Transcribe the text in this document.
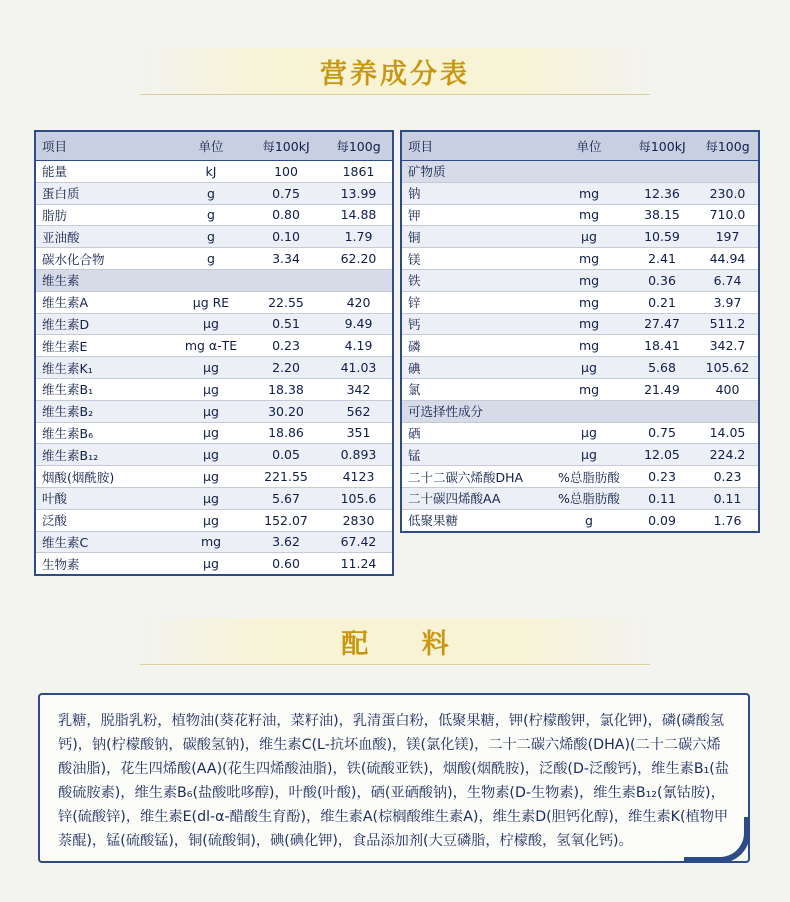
营养成分表
项目	单位	每100kJ	每100g
能量	kJ	100	1861
蛋白质	g	0.75	13.99
脂肪	g	0.80	14.88
亚油酸	g	0.10	1.79
碳水化合物	g	3.34	62.20
维生素			
维生素A	μg RE	22.55	420
维生素D	μg	0.51	9.49
维生素E	mg α-TE	0.23	4.19
维生素K₁	μg	2.20	41.03
维生素B₁	μg	18.38	342
维生素B₂	μg	30.20	562
维生素B₆	μg	18.86	351
维生素B₁₂	μg	0.05	0.893
烟酸(烟酰胺)	μg	221.55	4123
叶酸	μg	5.67	105.6
泛酸	μg	152.07	2830
维生素C	mg	3.62	67.42
生物素	μg	0.60	11.24
项目	单位	每100kJ	每100g
矿物质			
钠	mg	12.36	230.0
钾	mg	38.15	710.0
铜	μg	10.59	197
镁	mg	2.41	44.94
铁	mg	0.36	6.74
锌	mg	0.21	3.97
钙	mg	27.47	511.2
磷	mg	18.41	342.7
碘	μg	5.68	105.62
氯	mg	21.49	400
可选择性成分			
硒	μg	0.75	14.05
锰	μg	12.05	224.2
二十二碳六烯酸DHA	%总脂肪酸	0.23	0.23
二十碳四烯酸AA	%总脂肪酸	0.11	0.11
低聚果糖	g	0.09	1.76
配 料
乳糖，脱脂乳粉，植物油(葵花籽油，菜籽油)，乳清蛋白粉，低聚果糖，钾(柠檬酸钾，氯化钾)，磷(磷酸氢钙)，钠(柠檬酸钠，碳酸氢钠)，维生素C(L-抗坏血酸)，镁(氯化镁)，二十二碳六烯酸(DHA)(二十二碳六烯酸油脂)，花生四烯酸(AA)(花生四烯酸油脂)，铁(硫酸亚铁)，烟酸(烟酰胺)，泛酸(D-泛酸钙)，维生素B₁(盐酸硫胺素)，维生素B₆(盐酸吡哆醇)，叶酸(叶酸)，硒(亚硒酸钠)，生物素(D-生物素)，维生素B₁₂(氰钴胺)，锌(硫酸锌)，维生素E(dl-α-醋酸生育酚)，维生素A(棕榈酸维生素A)，维生素D(胆钙化醇)，维生素K(植物甲萘醌)，锰(硫酸锰)，铜(硫酸铜)，碘(碘化钾)，食品添加剂(大豆磷脂，柠檬酸，氢氧化钙)。
